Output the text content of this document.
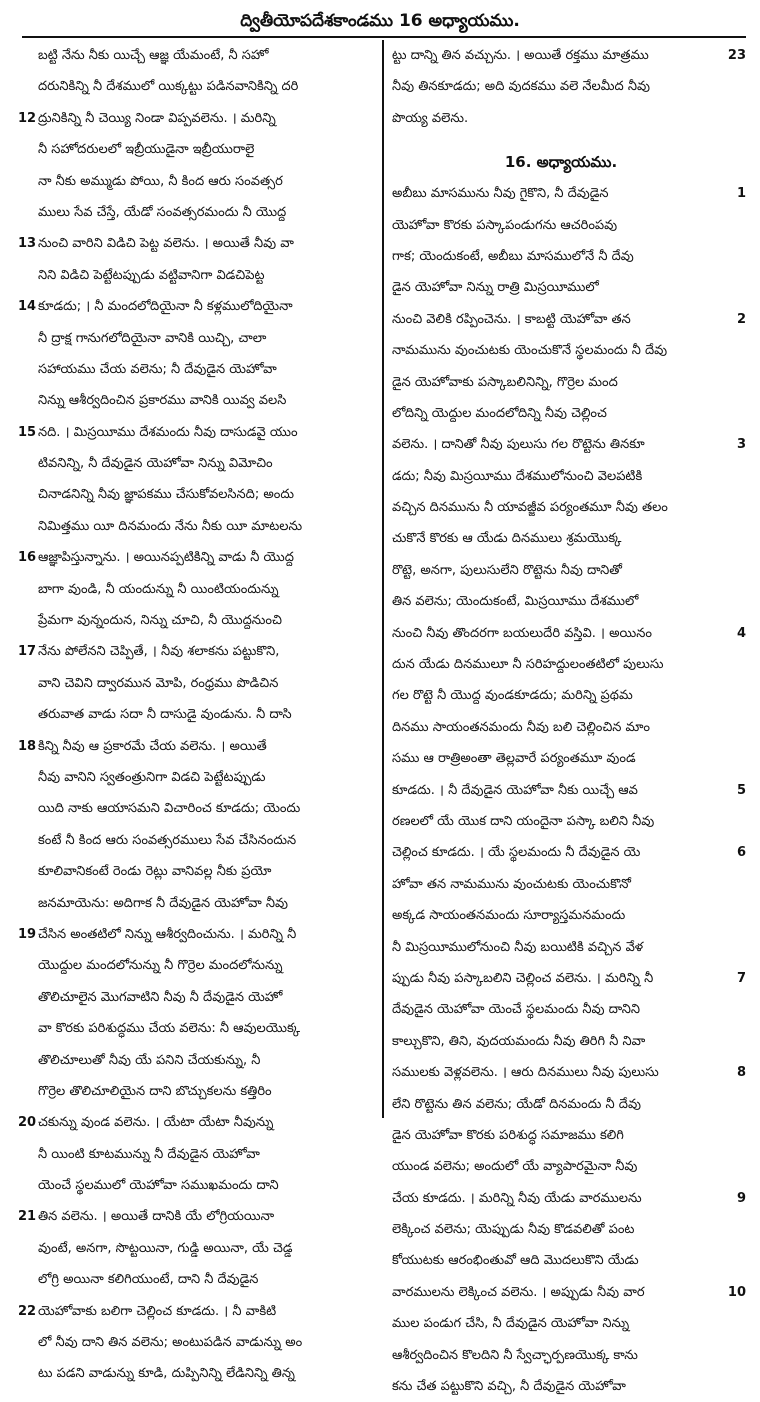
ద్వితీయోపదేశకాండము 16 అధ్యాయము.
బట్టి నేను నీకు యిచ్చే ఆజ్ఞ యేమంటే, నీ సహో
దరునికిన్ని నీ దేశములో యిక్కట్టు పడినవానికిన్ని దరి
12 ద్రునికిన్ని నీ చెయ్యి నిండా విప్పవలెను. । మరిన్ని
నీ సహోదరులలో ఇబ్రీయుడైనా ఇబ్రీయురాలై
నా నీకు అమ్ముడు పోయి, నీ కింద ఆరు సంవత్సర
ములు సేవ చేస్తే, యేడో సంవత్సరమందు నీ యొద్ద
13 నుంచి వారిని విడిచి పెట్ట వలెను. । అయితే నీవు వా
నిని విడిచి పెట్టేటప్పుడు వట్టివానిగా విడచిపెట్ట
14 కూడదు; । నీ మందలోదియైనా నీ కళ్లములోదియైనా
నీ ద్రాక్ష గానుగలోదియైనా వానికి యిచ్చి, చాలా
సహాయము చేయ వలెను; నీ దేవుడైన యెహోవా
నిన్ను ఆశీర్వదించిన ప్రకారము వానికి యివ్వ వలసి
15 నది. । మిస్రయీము దేశమందు నీవు దాసుడవై యుం
టివనిన్ని, నీ దేవుడైన యెహోవా నిన్ను విమోచిం
చినాడనిన్ని నీవు జ్ఞాపకము చేసుకోవలసినది; అందు
నిమిత్తము యీ దినమందు నేను నీకు యీ మాటలను
16 ఆజ్ఞాపిస్తున్నాను. । అయినప్పటికిన్ని వాడు నీ యొద్ద
బాగా వుండి, నీ యందున్ను నీ యింటియందున్ను
ప్రేమగా వున్నందున, నిన్ను చూచి, నీ యొద్దనుంచి
17 నేను పోలేనని చెప్పితే, । నీవు శలాకను పట్టుకొని,
వాని చెవిని ద్వారమున మోపి, రంధ్రము పొడిచిన
తరువాత వాడు సదా నీ దాసుడై వుండును. నీ దాసి
18 కిన్ని నీవు ఆ ప్రకారమే చేయ వలెను. । అయితే
నీవు వానిని స్వతంత్రునిగా విడచి పెట్టేటప్పుడు
యిది నాకు ఆయాసమని విచారించ కూడదు; యెందు
కంటే నీ కింద ఆరు సంవత్సరములు సేవ చేసినందున
కూలివానికంటే రెండు రెట్లు వానివల్ల నీకు ప్రయో
జనమాయెను: అదిగాక నీ దేవుడైన యెహోవా నీవు
19 చేసిన అంతటిలో నిన్ను ఆశీర్వదించును. । మరిన్ని నీ
యొద్దుల మందలోనున్ను నీ గొర్రెల మందలోనున్ను
తొలిచూలైన మొగవాటిని నీవు నీ దేవుడైన యెహో
వా కొరకు పరిశుద్ధము చేయ వలెను: నీ ఆవులయొక్క
తొలిచూలుతో నీవు యే పనిని చేయకున్ను, నీ
గొర్రెల తొలిచూలియైన దాని బొచ్చుకలను కత్తిరిం
20 చకున్ను వుండ వలెను. । యేటా యేటా నీవున్ను
నీ యింటి కూటమున్ను నీ దేవుడైన యెహోవా
యెంచే స్థలములో యెహోవా సముఖమందు దాని
21 తిన వలెను. । అయితే దానికి యే లోగ్రియయినా
వుంటే, అనగా, సొట్టయినా, గుడ్డి అయినా, యే చెడ్డ
లోగ్రి అయినా కలిగియుంటే, దాని నీ దేవుడైన
22 యెహోవాకు బలిగా చెల్లించ కూడదు. । నీ వాకిటి
లో నీవు దాని తిన వలెను; అంటుపడిన వాడున్ను అం
టు పడని వాడున్ను కూడి, దుప్పినిన్ని లేడినిన్ని తిన్న
23
ట్టు దాన్ని తిన వచ్చును. । అయితే రక్తము మాత్రము
నీవు తినకూడదు; అది వుదకము వలె నేలమీద నీవు
పొయ్య వలెను.
16. అధ్యాయము.
1
అబీబు మాసమును నీవు గైకొని, నీ దేవుడైన
యెహోవా కొరకు పస్కాపండుగను ఆచరింపవు
గాక; యెందుకంటే, అబీబు మాసములోనే నీ దేవు
డైన యెహోవా నిన్ను రాత్రి మిస్రయీములో
2
నుంచి వెలికి రప్పించెను. । కాబట్టి యెహోవా తన
నామమును వుంచుటకు యెంచుకొనే స్థలమందు నీ దేవు
డైన యెహోవాకు పస్కాబలినిన్ని, గొర్రెల మంద
లోదిన్ని యెద్దుల మందలోదిన్ని నీవు చెల్లించ
3
వలెను. । దానితో నీవు పులుసు గల రొట్టెను తినకూ
డదు; నీవు మిస్రయీము దేశములోనుంచి వెలపటికి
వచ్చిన దినమును నీ యావజ్జీవ పర్యంతమూ నీవు తలం
చుకొనే కొరకు ఆ యేడు దినములు శ్రమయొక్క
రొట్టె, అనగా, పులుసులేని రొట్టెను నీవు దానితో
తిన వలెను; యెందుకంటే, మిస్రయీము దేశములో
4
నుంచి నీవు తొందరగా బయలుదేరి వస్తివి. । అయినం
దున యేడు దినములూ నీ సరిహద్దులంతటిలో పులుసు
గల రొట్టె నీ యొద్ద వుండకూడదు; మరిన్ని ప్రథమ
దినము సాయంతనమందు నీవు బలి చెల్లించిన మాం
సము ఆ రాత్రిఅంతా తెల్లవారే పర్యంతమూ వుండ
5
కూడదు. । నీ దేవుడైన యెహోవా నీకు యిచ్చే ఆవ
రణలలో యే యొక దాని యందైనా పస్కా బలిని నీవు
6
చెల్లించ కూడదు. । యే స్థలమందు నీ దేవుడైన యె
హోవా తన నామమును వుంచుటకు యెంచుకొనో
అక్కడ సాయంతనమందు సూర్యాస్తమనమందు
నీ మిస్రయీములోనుంచి నీవు బయిటికి వచ్చిన వేళ
7
ప్పుడు నీవు పస్కాబలిని చెల్లించ వలెను. । మరిన్ని నీ
దేవుడైన యెహోవా యెంచే స్థలమందు నీవు దానిని
కాల్చుకొని, తిని, వుదయమందు నీవు తిరిగి నీ నివా
8
సములకు వెళ్లవలెను. । ఆరు దినములు నీవు పులుసు
లేని రొట్టెను తిన వలెను; యేడో దినమందు నీ దేవు
డైన యెహోవా కొరకు పరిశుద్ధ సమాజము కలిగి
యుండ వలెను; అందులో యే వ్యాపారమైనా నీవు
9
చేయ కూడదు. । మరిన్ని నీవు యేడు వారములను
లెక్కించ వలెను; యెప్పుడు నీవు కొడవలితో పంట
కోయుటకు ఆరంభింతువో ఆది మొదలుకొని యేడు
10
వారములను లెక్కించ వలెను. । అప్పుడు నీవు వార
ముల పండుగ చేసి, నీ దేవుడైన యెహోవా నిన్ను
ఆశీర్వదించిన కొలదిని నీ స్వేచ్ఛార్పణయొక్క కాను
కను చేత పట్టుకొని వచ్చి, నీ దేవుడైన యెహోవా
